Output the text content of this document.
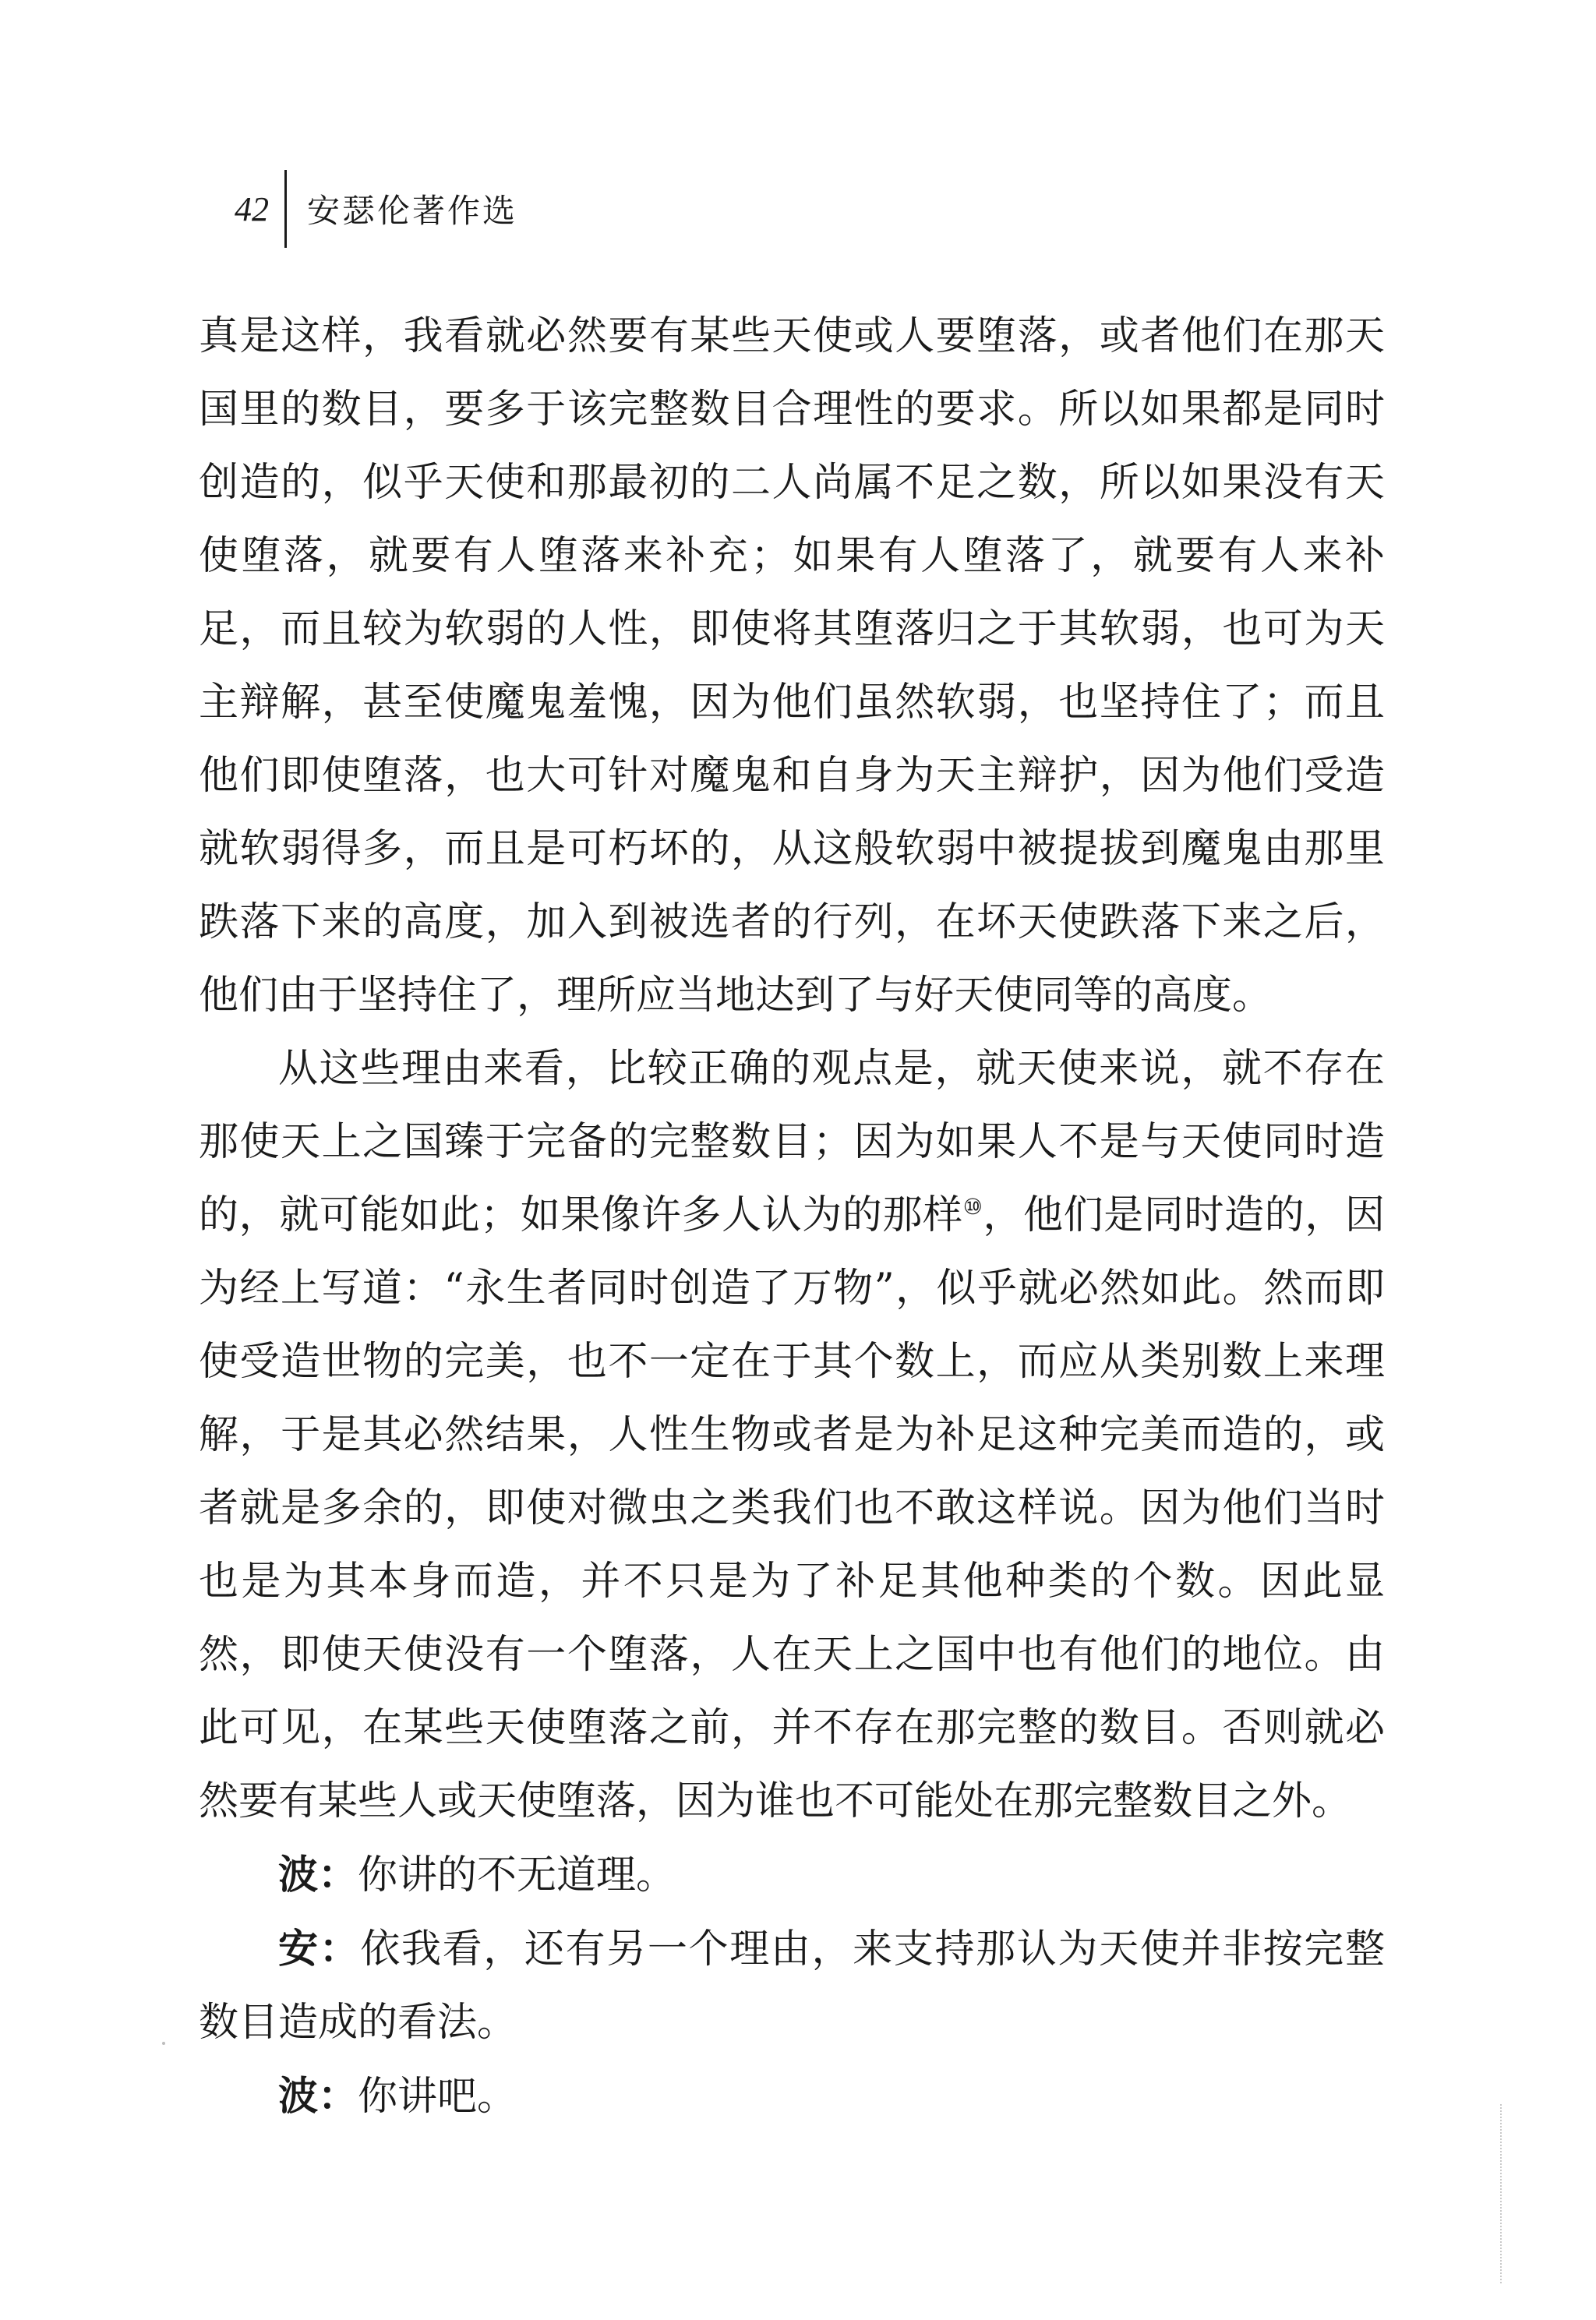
42	安瑟伦著作选

真是这样，我看就必然要有某些天使或人要堕落，或者他们在那天国里的数目，要多于该完整数目合理性的要求。所以如果都是同时创造的，似乎天使和那最初的二人尚属不足之数，所以如果没有天使堕落，就要有人堕落来补充；如果有人堕落了，就要有人来补足，而且较为软弱的人性，即使将其堕落归之于其软弱，也可为天主辩解，甚至使魔鬼羞愧，因为他们虽然软弱，也坚持住了；而且他们即使堕落，也大可针对魔鬼和自身为天主辩护，因为他们受造就软弱得多，而且是可朽坏的，从这般软弱中被提拔到魔鬼由那里跌落下来的高度，加入到被选者的行列，在坏天使跌落下来之后，他们由于坚持住了，理所应当地达到了与好天使同等的高度。

从这些理由来看，比较正确的观点是，就天使来说，就不存在那使天上之国臻于完备的完整数目；因为如果人不是与天使同时造的，就可能如此；如果像许多人认为的那样⑩，他们是同时造的，因为经上写道：“永生者同时创造了万物”，似乎就必然如此。然而即使受造世物的完美，也不一定在于其个数上，而应从类别数上来理解，于是其必然结果，人性生物或者是为补足这种完美而造的，或者就是多余的，即使对微虫之类我们也不敢这样说。因为他们当时也是为其本身而造，并不只是为了补足其他种类的个数。因此显然，即使天使没有一个堕落，人在天上之国中也有他们的地位。由此可见，在某些天使堕落之前，并不存在那完整的数目。否则就必然要有某些人或天使堕落，因为谁也不可能处在那完整数目之外。

波：你讲的不无道理。

安：依我看，还有另一个理由，来支持那认为天使并非按完整数目造成的看法。

波：你讲吧。
